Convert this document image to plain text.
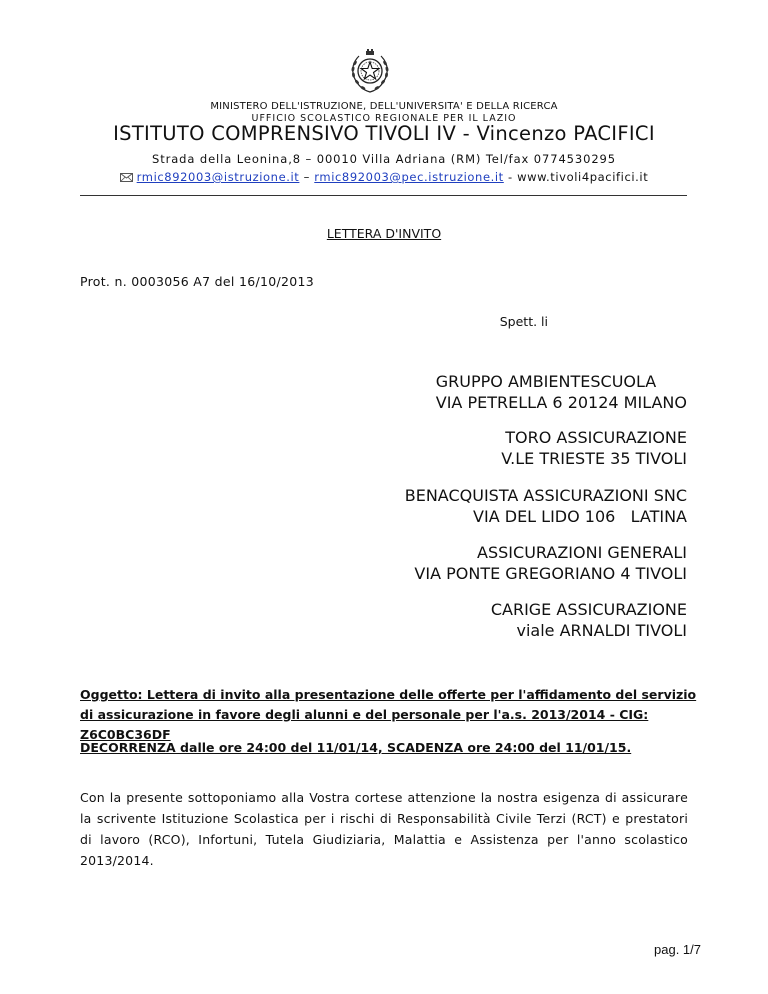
MINISTERO DELL'ISTRUZIONE, DELL'UNIVERSITA' E DELLA RICERCA
UFFICIO SCOLASTICO REGIONALE PER IL LAZIO
ISTITUTO COMPRENSIVO TIVOLI IV - Vincenzo PACIFICI
Strada della Leonina,8 – 00010 Villa Adriana (RM) Tel/fax 0774530295
rmic892003@istruzione.it – rmic892003@pec.istruzione.it - www.tivoli4pacifici.it
LETTERA D'INVITO
Prot. n. 0003056 A7 del 16/10/2013
Spett. li
GRUPPO AMBIENTESCUOLA
VIA PETRELLA 6 20124 MILANO
TORO ASSICURAZIONE
V.LE TRIESTE 35 TIVOLI
BENACQUISTA ASSICURAZIONI SNC
VIA DEL LIDO 106   LATINA
ASSICURAZIONI GENERALI
VIA PONTE GREGORIANO 4 TIVOLI
CARIGE ASSICURAZIONE
viale ARNALDI TIVOLI
Oggetto: Lettera di invito alla presentazione delle offerte per l'affidamento del servizio di assicurazione in favore degli alunni e del personale per l'a.s. 2013/2014 - CIG: Z6C0BC36DF
DECORRENZA dalle ore 24:00 del 11/01/14, SCADENZA ore 24:00 del 11/01/15.
Con la presente sottoponiamo alla Vostra cortese attenzione la nostra esigenza di assicurare la scrivente Istituzione Scolastica per i rischi di Responsabilità Civile Terzi (RCT) e prestatori di lavoro (RCO), Infortuni, Tutela Giudiziaria, Malattia e Assistenza per l'anno scolastico 2013/2014.
pag. 1/7
